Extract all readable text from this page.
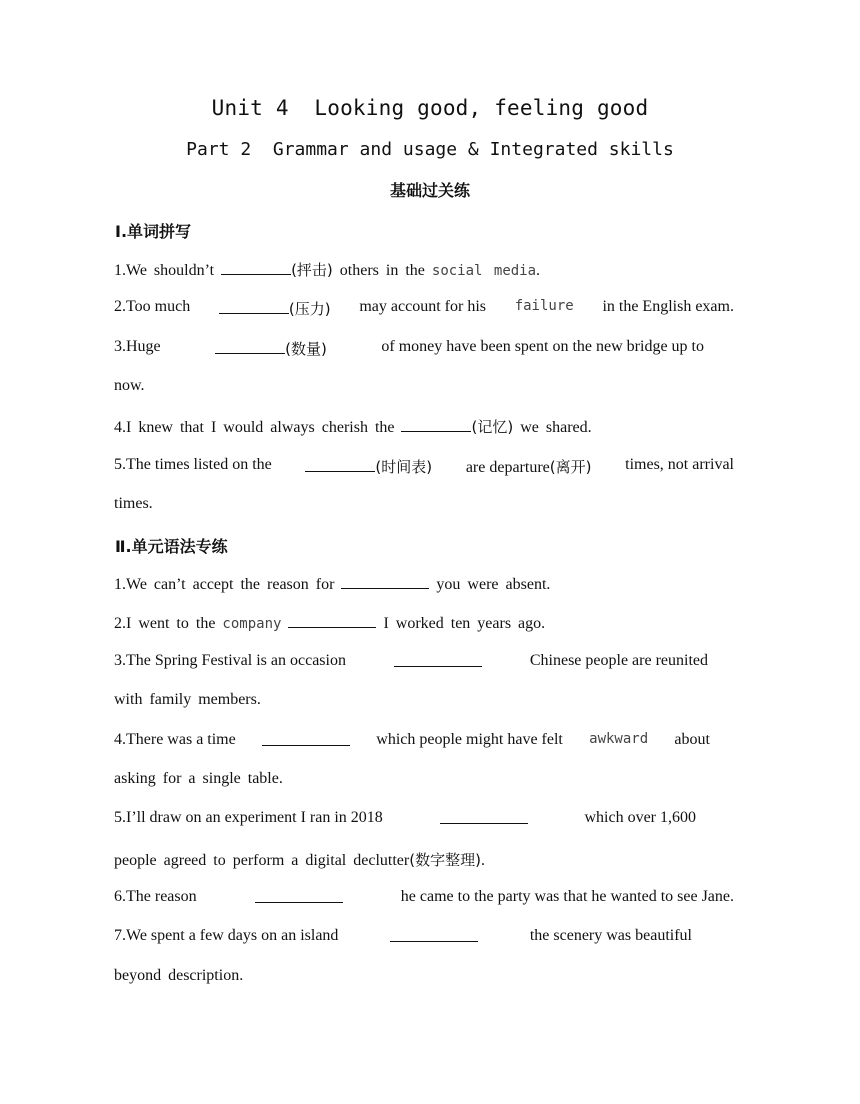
Unit 4  Looking good, feeling good
Part 2  Grammar and usage & Integrated skills
基础过关练
Ⅰ.单词拼写
1.We shouldn’t	(抨击) others in the social media.
2.Too much	(压力) may account for his failure in the English exam.
3.Huge	(数量)	of money have been spent on the new bridge up to
now.
4.I knew that I would always cherish the	(记忆) we shared.
5.The times listed on the	(时间表) are departure(离开) times, not arrival
times.
Ⅱ.单元语法专练
1.We can’t accept the reason for	you were absent.
2.I went to the company	I worked ten years ago.
3.The Spring Festival is an occasion	Chinese people are reunited
with family members.
4.There was a time	which people might have felt awkward about
asking for a single table.
5.I’ll draw on an experiment I ran in 2018	which over 1,600
people agreed to perform a digital declutter(数字整理).
6.The reason	he came to the party was that he wanted to see Jane.
7.We spent a few days on an island	the scenery was beautiful
beyond description.
